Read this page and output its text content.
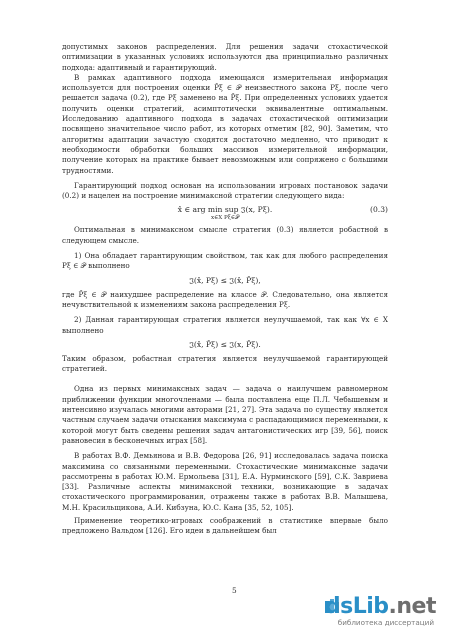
допустимых законов распределения. Для решения задачи стохастической оптимизации в указанных условиях используются два принципиально различных подхода: адаптивный и гарантирующий.

В рамках адаптивного подхода имеющаяся измерительная информация используется для построения оценки P̂ξ ∈ 𝒫 неизвестного закона Pξ, после чего решается задача (0.2), где Pξ заменено на P̂ξ. При определенных условиях удается получить оценки стратегий, асимптотически эквивалентные оптимальным. Исследованию адаптивного подхода в задачах стохастической оптимизации посвящено значительное число работ, из которых отметим [82, 90]. Заметим, что алгоритмы адаптации зачастую сходятся достаточно медленно, что приводит к необходимости обработки больших массивов измерительной информации, получение которых на практике бывает невозможным или сопряжено с большими трудностями.

Гарантирующий подход основан на использовании игровых постановок задачи (0.2) и нацелен на построение минимаксной стратегии следующего вида:

x̂ ∈ arg min sup 𝔍(x, Pξ).
x∈X Pξ∈𝒫
(0.3)

Оптимальная в минимаксном смысле стратегия (0.3) является робастной в следующем смысле.

1) Она обладает гарантирующим свойством, так как для любого распределения Pξ ∈ 𝒫 выполнено

𝔍(x̂, Pξ) ≤ 𝔍(x̂, P̂ξ),

где P̂ξ ∈ 𝒫 наихудшее распределение на классе 𝒫. Следовательно, она является нечувствительной к изменениям закона распределения Pξ.

2) Данная гарантирующая стратегия является неулучшаемой, так как ∀x ∈ X выполнено

𝔍(x̂, P̂ξ) ≤ 𝔍(x, P̂ξ).

Таким образом, робастная стратегия является неулучшаемой гарантирующей стратегией.

Одна из первых минимаксных задач — задача о наилучшем равномерном приближении функции многочленами — была поставлена еще П.Л. Чебышевым и интенсивно изучалась многими авторами [21, 27]. Эта задача по существу является частным случаем задачи отыскания максимума с распадающимися переменными, к которой могут быть сведены решения задач антагонистических игр [39, 56], поиск равновесия в бесконечных играх [58].

В работах В.Ф. Демьянова и В.В. Федорова [26, 91] исследовалась задача поиска максимина со связанными переменными. Стохастические минимаксные задачи рассмотрены в работах Ю.М. Ермольева [31], Е.А. Нурминского [59], С.К. Завриева [33]. Различные аспекты минимаксной техники, возникающие в задачах стохастического программирования, отражены также в работах В.В. Малышева, М.Н. Красильщикова, А.И. Кибзуна, Ю.С. Кана [35, 52, 105].

Применение теоретико-игровых соображений в статистике впервые было предложено Вальдом [126]. Его идеи в дальнейшем был

5
dsLib.net
библиотека диссертаций
